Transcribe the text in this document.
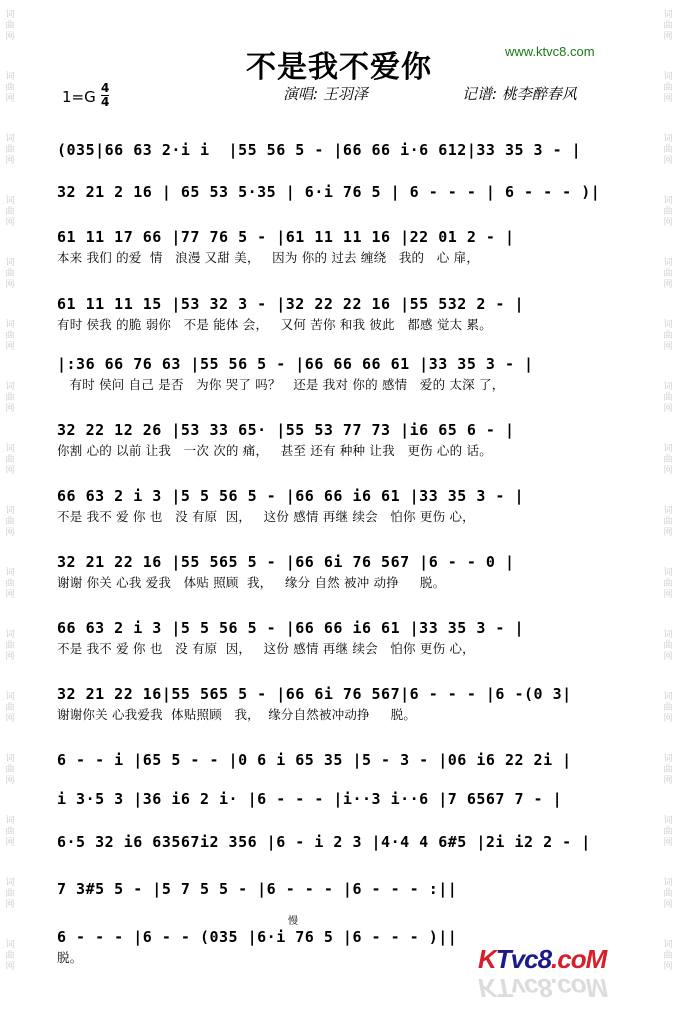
词
曲
网
词
曲
网
词
曲
网
词
曲
网
词
曲
网
词
曲
网
词
曲
网
词
曲
网
词
曲
网
词
曲
网
词
曲
网
词
曲
网
词
曲
网
词
曲
网
词
曲
网
词
曲
网
词
曲
网
词
曲
网
词
曲
网
词
曲
网
词
曲
网
词
曲
网
词
曲
网
词
曲
网
词
曲
网
词
曲
网
词
曲
网
词
曲
网
词
曲
网
词
曲
网
词
曲
网
词
曲
网
不是我不爱你	www.ktvc8.com
1=G 4
4	演唱: 王羽泽	记谱: 桃李醉春风
(035|66 63 2·i i  |55 56 5 - |66 66 i·6 612|33 35 3 - |
32 21 2 16 | 65 53 5·35 | 6·i 76 5 | 6 - - - | 6 - - - )|
61 11 17 66 |77 76 5 - |61 11 11 16 |22 01 2 - |
本来 我们 的爱  情   浪漫 又甜 美，   因为 你的 过去 缠绕   我的   心 扉，
61 11 11 15 |53 32 3 - |32 22 22 16 |55 532 2 - |
有时 侯我 的脆 弱你   不是 能体 会，   又何 苦你 和我 彼此   都感 觉太 累。
|:36 66 76 63 |55 56 5 - |66 66 66 61 |33 35 3 - |
有时 侯问 自己 是否   为你 哭了 吗？   还是 我对 你的 感情   爱的 太深 了，
32 22 12 26 |53 33 65· |55 53 77 73 |i6 65 6 - |
你割 心的 以前 让我   一次 次的 痛，   甚至 还有 种种 让我   更伤 心的 话。
66 63 2 i 3 |5 5 56 5 - |66 66 i6 61 |33 35 3 - |
不是 我不 爱 你 也   没 有原  因，   这份 感情 再继 续会   怕你 更伤 心，
32 21 22 16 |55 565 5 - |66 6i 76 567 |6 - - 0 |
谢谢 你关 心我 爱我   体贴 照顾  我，   缘分 自然 被冲 动挣     脱。
66 63 2 i 3 |5 5 56 5 - |66 66 i6 61 |33 35 3 - |
不是 我不 爱 你 也   没 有原  因，   这份 感情 再继 续会   怕你 更伤 心，
32 21 22 16|55 565 5 - |66 6i 76 567|6 - - - |6 -(0 3|
谢谢你关 心我爱我  体贴照顾   我，  缘分自然被冲动挣     脱。
6 - - i |65 5 - - |0 6 i 65 35 |5 - 3 - |06 i6 22 2i |
i 3·5 3 |36 i6 2 i· |6 - - - |i··3 i··6 |7 6567 7 - |
6·5 32 i6 63567i2 356 |6 - i 2 3 |4·4 4 6#5 |2i i2 2 - |
7 3#5 5 - |5 7 5 5 - |6 - - - |6 - - - :||
6 - - - |6 - - (035 |6·i 76 5 |6 - - - )||
脱。
慢
KTvc8.coM
KTvc8.coM
